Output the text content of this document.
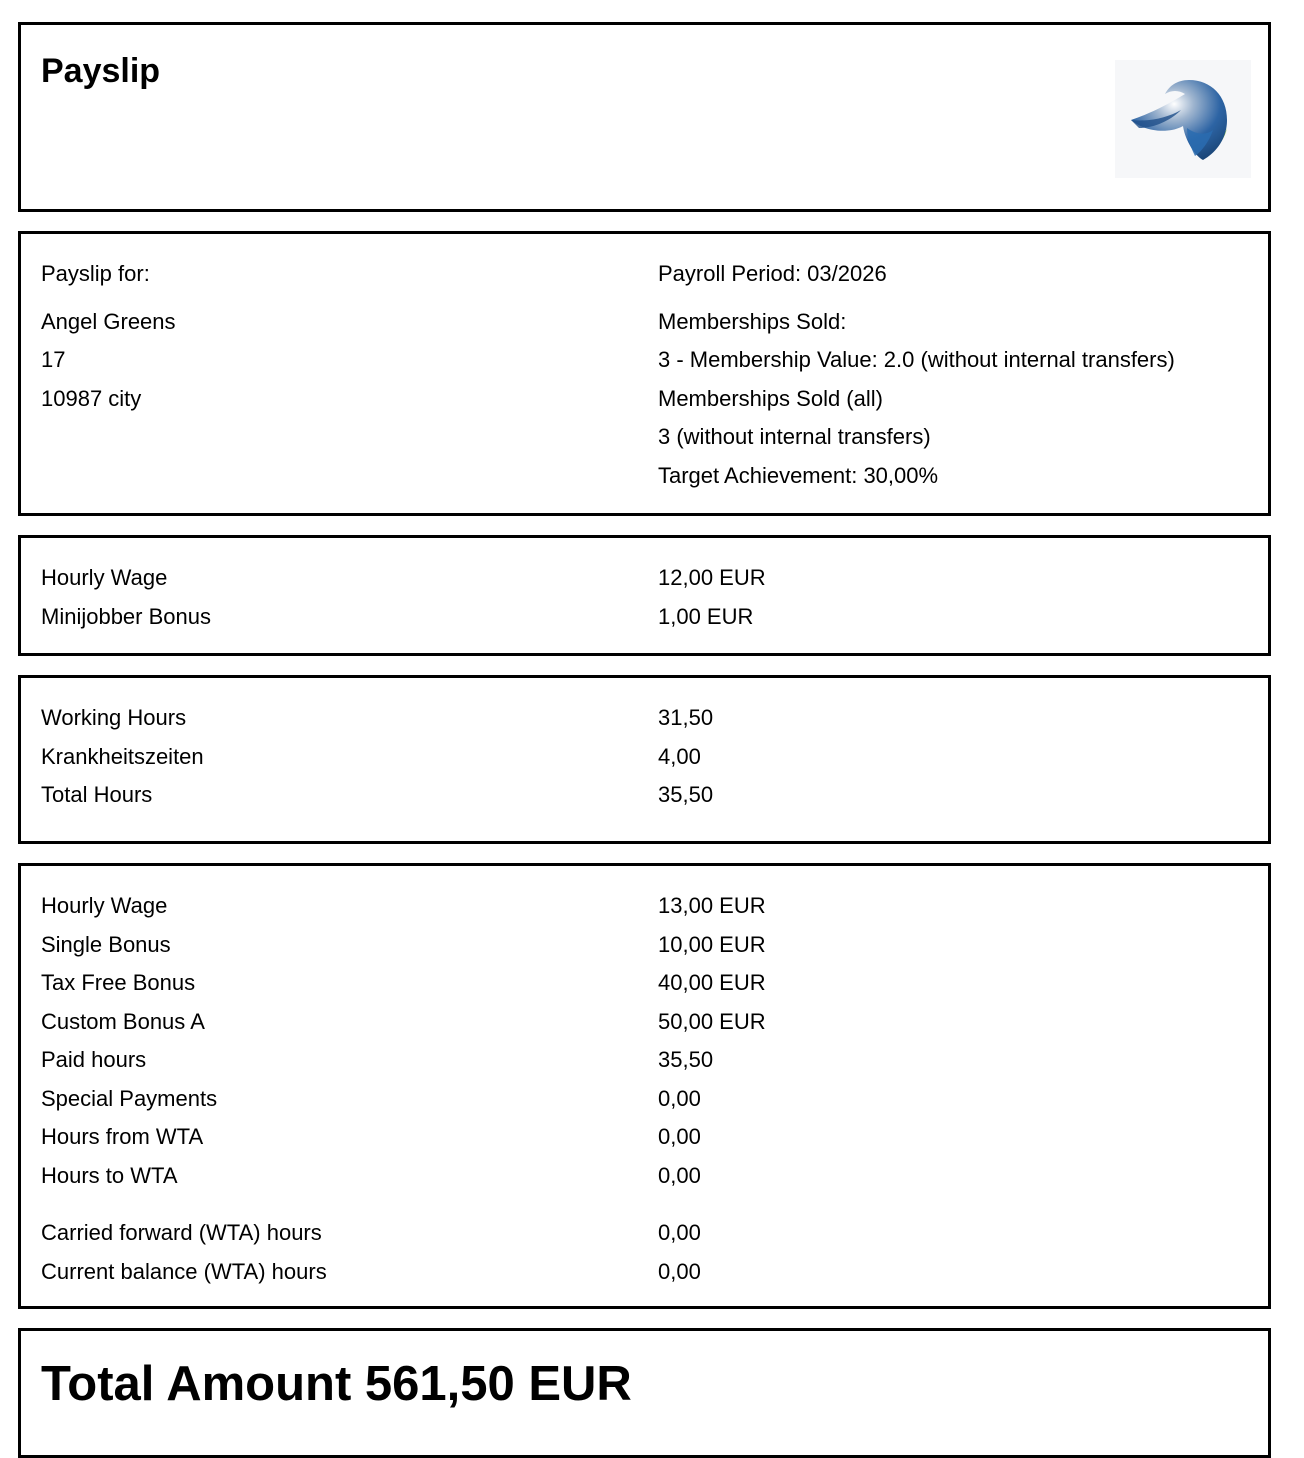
Payslip
Payslip for:
Angel Greens
17
10987 city
Payroll Period: 03/2026
Memberships Sold:
3 - Membership Value: 2.0 (without internal transfers)
Memberships Sold (all)
3 (without internal transfers)
Target Achievement: 30,00%
Hourly Wage
Minijobber Bonus
12,00 EUR
1,00 EUR
Working Hours
Krankheitszeiten
Total Hours
31,50
4,00
35,50
Hourly Wage
Single Bonus
Tax Free Bonus
Custom Bonus A
Paid hours
Special Payments
Hours from WTA
Hours to WTA
Carried forward (WTA) hours
Current balance (WTA) hours
13,00 EUR
10,00 EUR
40,00 EUR
50,00 EUR
35,50
0,00
0,00
0,00
0,00
0,00
Total Amount 561,50 EUR
